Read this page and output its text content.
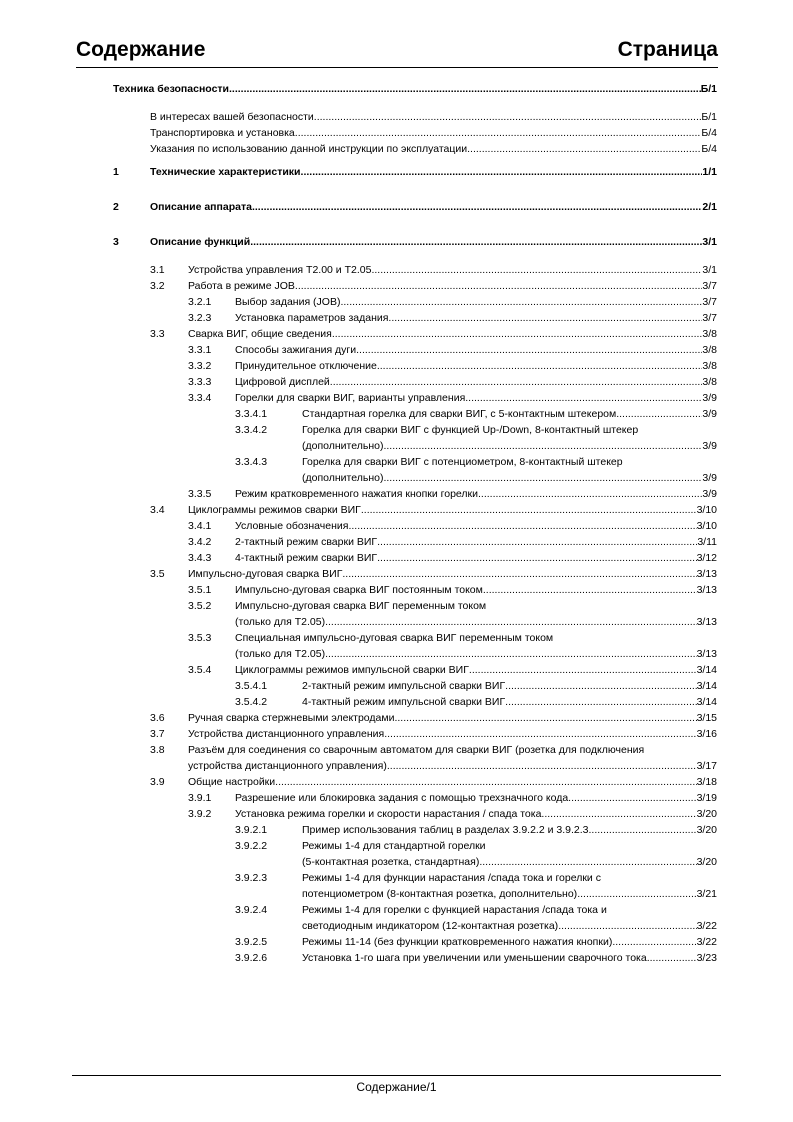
Содержание	Страница
Техника безопасности .....	Б/1
В интересах вашей безопасности .....	Б/1
Транспортировка и установка .....	Б/4
Указания по использованию данной инструкции по эксплуатации .....	Б/4
1	Технические характеристики .....	1/1
2	Описание аппарата .....	2/1
3	Описание функций .....	3/1
3.1 Устройства управления T2.00 и T2.05 .....	3/1
3.2 Работа в режиме JOB .....	3/7
3.2.1 Выбор задания (JOB) .....	3/7
3.2.3 Установка параметров задания .....	3/7
3.3 Сварка ВИГ, общие сведения .....	3/8
3.3.1 Способы зажигания дуги .....	3/8
3.3.2 Принудительное отключение .....	3/8
3.3.3 Цифровой дисплей .....	3/8
3.3.4 Горелки для сварки ВИГ, варианты управления .....	3/9
3.3.4.1	Стандартная горелка для сварки ВИГ, с 5-контактным штекером .....	3/9
3.3.4.2	Горелка для сварки ВИГ с функцией Up-/Down, 8-контактный штекер
(дополнительно) .....	3/9
3.3.4.3	Горелка для сварки ВИГ с потенциометром, 8-контактный штекер
(дополнительно) .....	3/9
3.3.5 Режим кратковременного нажатия кнопки горелки .....	3/9
3.4 Циклограммы режимов сварки ВИГ .....	3/10
3.4.1 Условные обозначения .....	3/10
3.4.2 2-тактный режим сварки ВИГ .....	3/11
3.4.3 4-тактный режим сварки ВИГ .....	3/12
3.5 Импульсно-дуговая сварка ВИГ .....	3/13
3.5.1 Импульсно-дуговая сварка ВИГ постоянным током .....	3/13
3.5.2 Импульсно-дуговая сварка ВИГ переменным током
(только для T2.05) .....	3/13
3.5.3 Специальная импульсно-дуговая сварка ВИГ переменным током
(только для T2.05) .....	3/13
3.5.4 Циклограммы режимов импульсной сварки ВИГ .....	3/14
3.5.4.1	2-тактный режим импульсной сварки ВИГ .....	3/14
3.5.4.2	4-тактный режим импульсной сварки ВИГ .....	3/14
3.6 Ручная сварка стержневыми электродами .....	3/15
3.7 Устройства дистанционного управления .....	3/16
3.8 Разъём для соединения со сварочным автоматом для сварки ВИГ (розетка для подключения
устройства дистанционного управления) .....	3/17
3.9 Общие настройки .....	3/18
3.9.1 Разрешение или блокировка задания с помощью трехзначного кода .....	3/19
3.9.2 Установка режима горелки и скорости нарастания / спада тока .....	3/20
3.9.2.1	Пример использования таблиц в разделах 3.9.2.2 и 3.9.2.3 .....	3/20
3.9.2.2	Режимы 1-4 для стандартной горелки
(5-контактная розетка, стандартная) .....	3/20
3.9.2.3	Режимы 1-4 для функции нарастания /спада тока и горелки с
потенциометром (8-контактная розетка, дополнительно) .....	3/21
3.9.2.4	Режимы 1-4 для горелки с функцией нарастания /спада тока и
светодиодным индикатором (12-контактная розетка) .....	3/22
3.9.2.5	Режимы 11-14 (без функции кратковременного нажатия кнопки) .....	3/22
3.9.2.6	Установка 1-го шага при увеличении или уменьшении сварочного тока .....	3/23
Содержание/1
